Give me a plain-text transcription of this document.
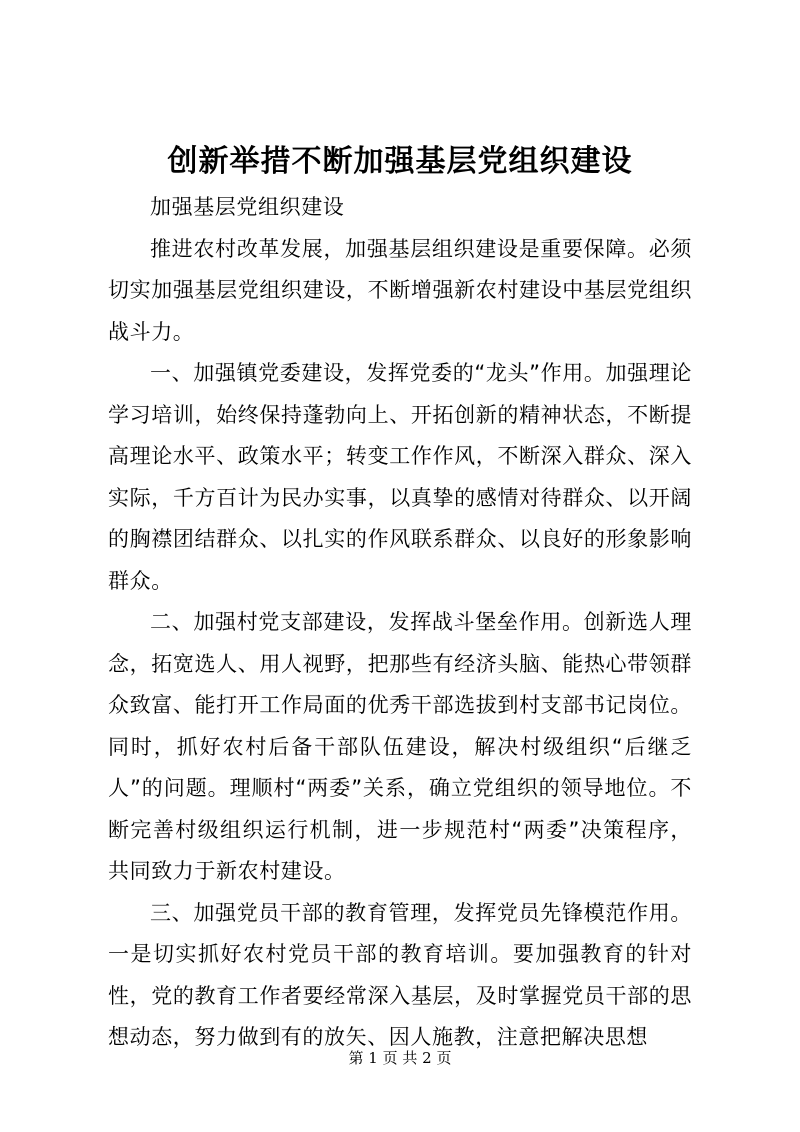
创新举措不断加强基层党组织建设

加强基层党组织建设

推进农村改革发展，加强基层组织建设是重要保障。必须切实加强基层党组织建设，不断增强新农村建设中基层党组织战斗力。

一、加强镇党委建设，发挥党委的“龙头”作用。加强理论学习培训，始终保持蓬勃向上、开拓创新的精神状态，不断提高理论水平、政策水平；转变工作作风，不断深入群众、深入实际，千方百计为民办实事，以真挚的感情对待群众、以开阔的胸襟团结群众、以扎实的作风联系群众、以良好的形象影响群众。

二、加强村党支部建设，发挥战斗堡垒作用。创新选人理念，拓宽选人、用人视野，把那些有经济头脑、能热心带领群众致富、能打开工作局面的优秀干部选拔到村支部书记岗位。同时，抓好农村后备干部队伍建设，解决村级组织“后继乏人”的问题。理顺村“两委”关系，确立党组织的领导地位。不断完善村级组织运行机制，进一步规范村“两委”决策程序，共同致力于新农村建设。

三、加强党员干部的教育管理，发挥党员先锋模范作用。一是切实抓好农村党员干部的教育培训。要加强教育的针对性，党的教育工作者要经常深入基层，及时掌握党员干部的思想动态，努力做到有的放矢、因人施教，注意把解决思想

第 1 页 共 2 页
